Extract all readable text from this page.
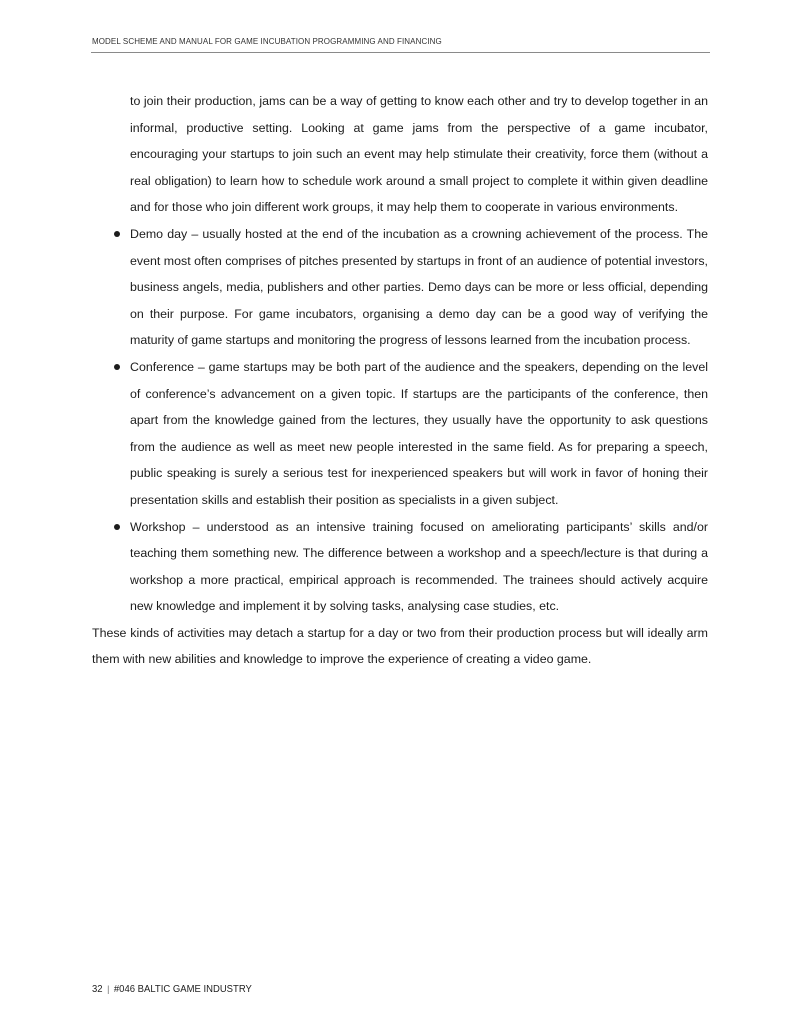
MODEL SCHEME AND MANUAL FOR GAME INCUBATION PROGRAMMING AND FINANCING

to join their production, jams can be a way of getting to know each other and try to develop together in an informal, productive setting. Looking at game jams from the perspective of a game incubator, encouraging your startups to join such an event may help stimulate their creativity, force them (without a real obligation) to learn how to schedule work around a small project to complete it within given deadline and for those who join different work groups, it may help them to cooperate in various environments.

Demo day – usually hosted at the end of the incubation as a crowning achievement of the process. The event most often comprises of pitches presented by startups in front of an audience of potential investors, business angels, media, publishers and other parties. Demo days can be more or less official, depending on their purpose. For game incubators, organising a demo day can be a good way of verifying the maturity of game startups and monitoring the progress of lessons learned from the incubation process.
Conference – game startups may be both part of the audience and the speakers, depending on the level of conference’s advancement on a given topic. If startups are the participants of the conference, then apart from the knowledge gained from the lectures, they usually have the opportunity to ask questions from the audience as well as meet new people interested in the same field. As for preparing a speech, public speaking is surely a serious test for inexperienced speakers but will work in favor of honing their presentation skills and establish their position as specialists in a given subject.
Workshop – understood as an intensive training focused on ameliorating participants’ skills and/or teaching them something new. The difference between a workshop and a speech/lecture is that during a workshop a more practical, empirical approach is recommended. The trainees should actively acquire new knowledge and implement it by solving tasks, analysing case studies, etc.

These kinds of activities may detach a startup for a day or two from their production process but will ideally arm them with new abilities and knowledge to improve the experience of creating a video game.

32 | #046 BALTIC GAME INDUSTRY
